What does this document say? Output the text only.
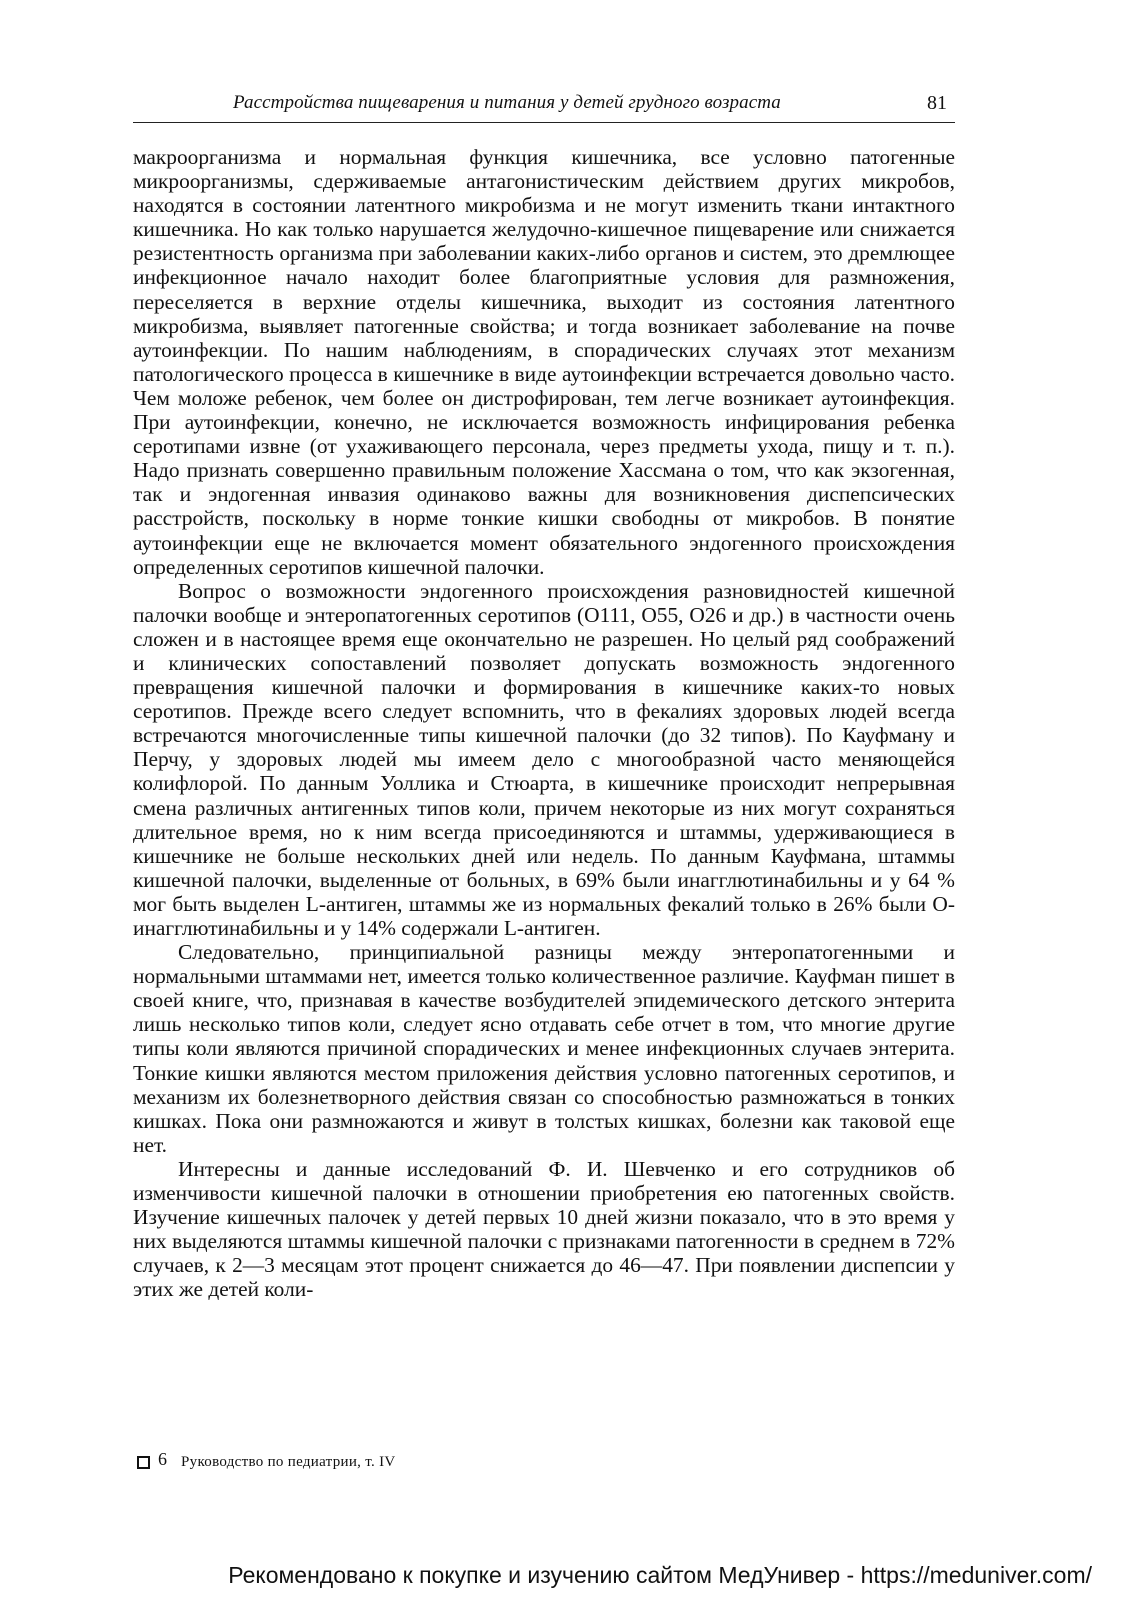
Расстройства пищеварения и питания у детей грудного возраста	81

макроорганизма и нормальная функция кишечника, все условно патогенные микроорганизмы, сдерживаемые антагонистическим действием других микробов, находятся в состоянии латентного микробизма и не могут изменить ткани интактного кишечника. Но как только нарушается желудочно-кишечное пищеварение или снижается резистентность организма при заболевании каких-либо органов и систем, это дремлющее инфекционное начало находит более благоприятные условия для размножения, переселяется в верхние отделы кишечника, выходит из состояния латентного микробизма, выявляет патогенные свойства; и тогда возникает заболевание на почве аутоинфекции. По нашим наблюдениям, в спорадических случаях этот механизм патологического процесса в кишечнике в виде аутоинфекции встречается довольно часто. Чем моложе ребенок, чем более он дистрофирован, тем легче возникает аутоинфекция. При аутоинфекции, конечно, не исключается возможность инфицирования ребенка серотипами извне (от ухаживающего персонала, через предметы ухода, пищу и т. п.). Надо признать совершенно правильным положение Хассмана о том, что как экзогенная, так и эндогенная инвазия одинаково важны для возникновения диспепсических расстройств, поскольку в норме тонкие кишки свободны от микробов. В понятие аутоинфекции еще не включается момент обязательного эндогенного происхождения определенных серотипов кишечной палочки.

Вопрос о возможности эндогенного происхождения разновидностей кишечной палочки вообще и энтеропатогенных серотипов (О111, О55, О26 и др.) в частности очень сложен и в настоящее время еще окончательно не разрешен. Но целый ряд соображений и клинических сопоставлений позволяет допускать возможность эндогенного превращения кишечной палочки и формирования в кишечнике каких-то новых серотипов. Прежде всего следует вспомнить, что в фекалиях здоровых людей всегда встречаются многочисленные типы кишечной палочки (до 32 типов). По Кауфману и Перчу, у здоровых людей мы имеем дело с многообразной часто меняющейся колифлорой. По данным Уоллика и Стюарта, в кишечнике происходит непрерывная смена различных антигенных типов коли, причем некоторые из них могут сохраняться длительное время, но к ним всегда присоединяются и штаммы, удерживающиеся в кишечнике не больше нескольких дней или недель. По данным Кауфмана, штаммы кишечной палочки, выделенные от больных, в 69% были инагглютинабильны и у 64 % мог быть выделен L-антиген, штаммы же из нормальных фекалий только в 26% были О-инагглютинабильны и у 14% содержали L-антиген.

Следовательно, принципиальной разницы между энтеропатогенными и нормальными штаммами нет, имеется только количественное различие. Кауфман пишет в своей книге, что, признавая в качестве возбудителей эпидемического детского энтерита лишь несколько типов коли, следует ясно отдавать себе отчет в том, что многие другие типы коли являются причиной спорадических и менее инфекционных случаев энтерита. Тонкие кишки являются местом приложения действия условно патогенных серотипов, и механизм их болезнетворного действия связан со способностью размножаться в тонких кишках. Пока они размножаются и живут в толстых кишках, болезни как таковой еще нет.

Интересны и данные исследований Ф. И. Шевченко и его сотрудников об изменчивости кишечной палочки в отношении приобретения ею патогенных свойств. Изучение кишечных палочек у детей первых 10 дней жизни показало, что в это время у них выделяются штаммы кишечной палочки с признаками патогенности в среднем в 72% случаев, к 2—3 месяцам этот процент снижается до 46—47. При появлении диспепсии у этих же детей коли-

6 Руководство по педиатрии, т. IV
Рекомендовано к покупке и изучению сайтом МедУнивер - https://meduniver.com/
